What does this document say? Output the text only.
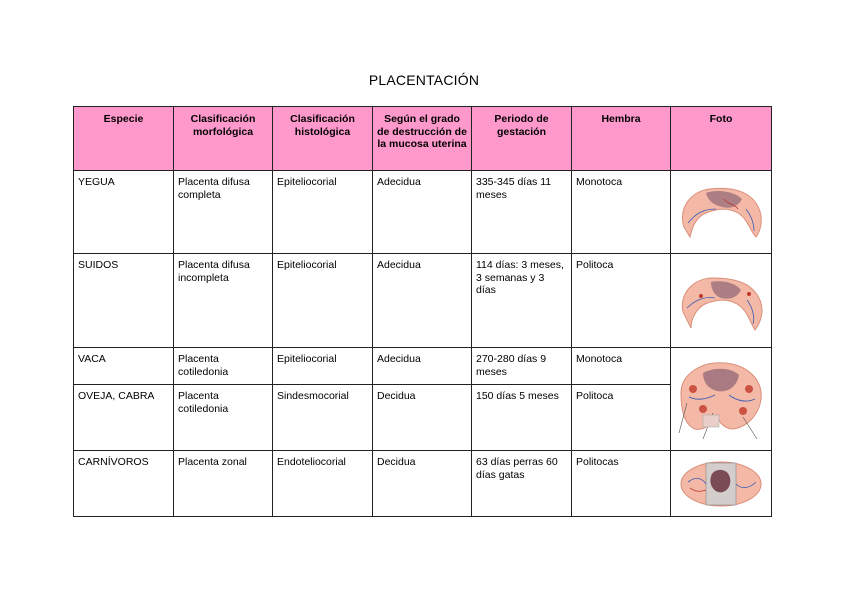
PLACENTACIÓN
Especie	Clasificación morfológica	Clasificación histológica	Según el grado de destrucción de la mucosa uterina	Periodo de gestación	Hembra	Foto
YEGUA	Placenta difusa completa	Epiteliocorial	Adecidua	335-345 días 11 meses	Monotoca	

SUIDOS	Placenta difusa incompleta	Epiteliocorial	Adecidua	114 días: 3 meses, 3 semanas y 3 días	Politoca	

VACA	Placenta cotiledonia	Epiteliocorial	Adecidua	270-280 días 9 meses	Monotoca	

OVEJA, CABRA	Placenta cotiledonia	Sindesmocorial	Decidua	150 días 5 meses	Politoca	
CARNÍVOROS	Placenta zonal	Endoteliocorial	Decidua	63 días perras 60 días gatas	Politocas	
